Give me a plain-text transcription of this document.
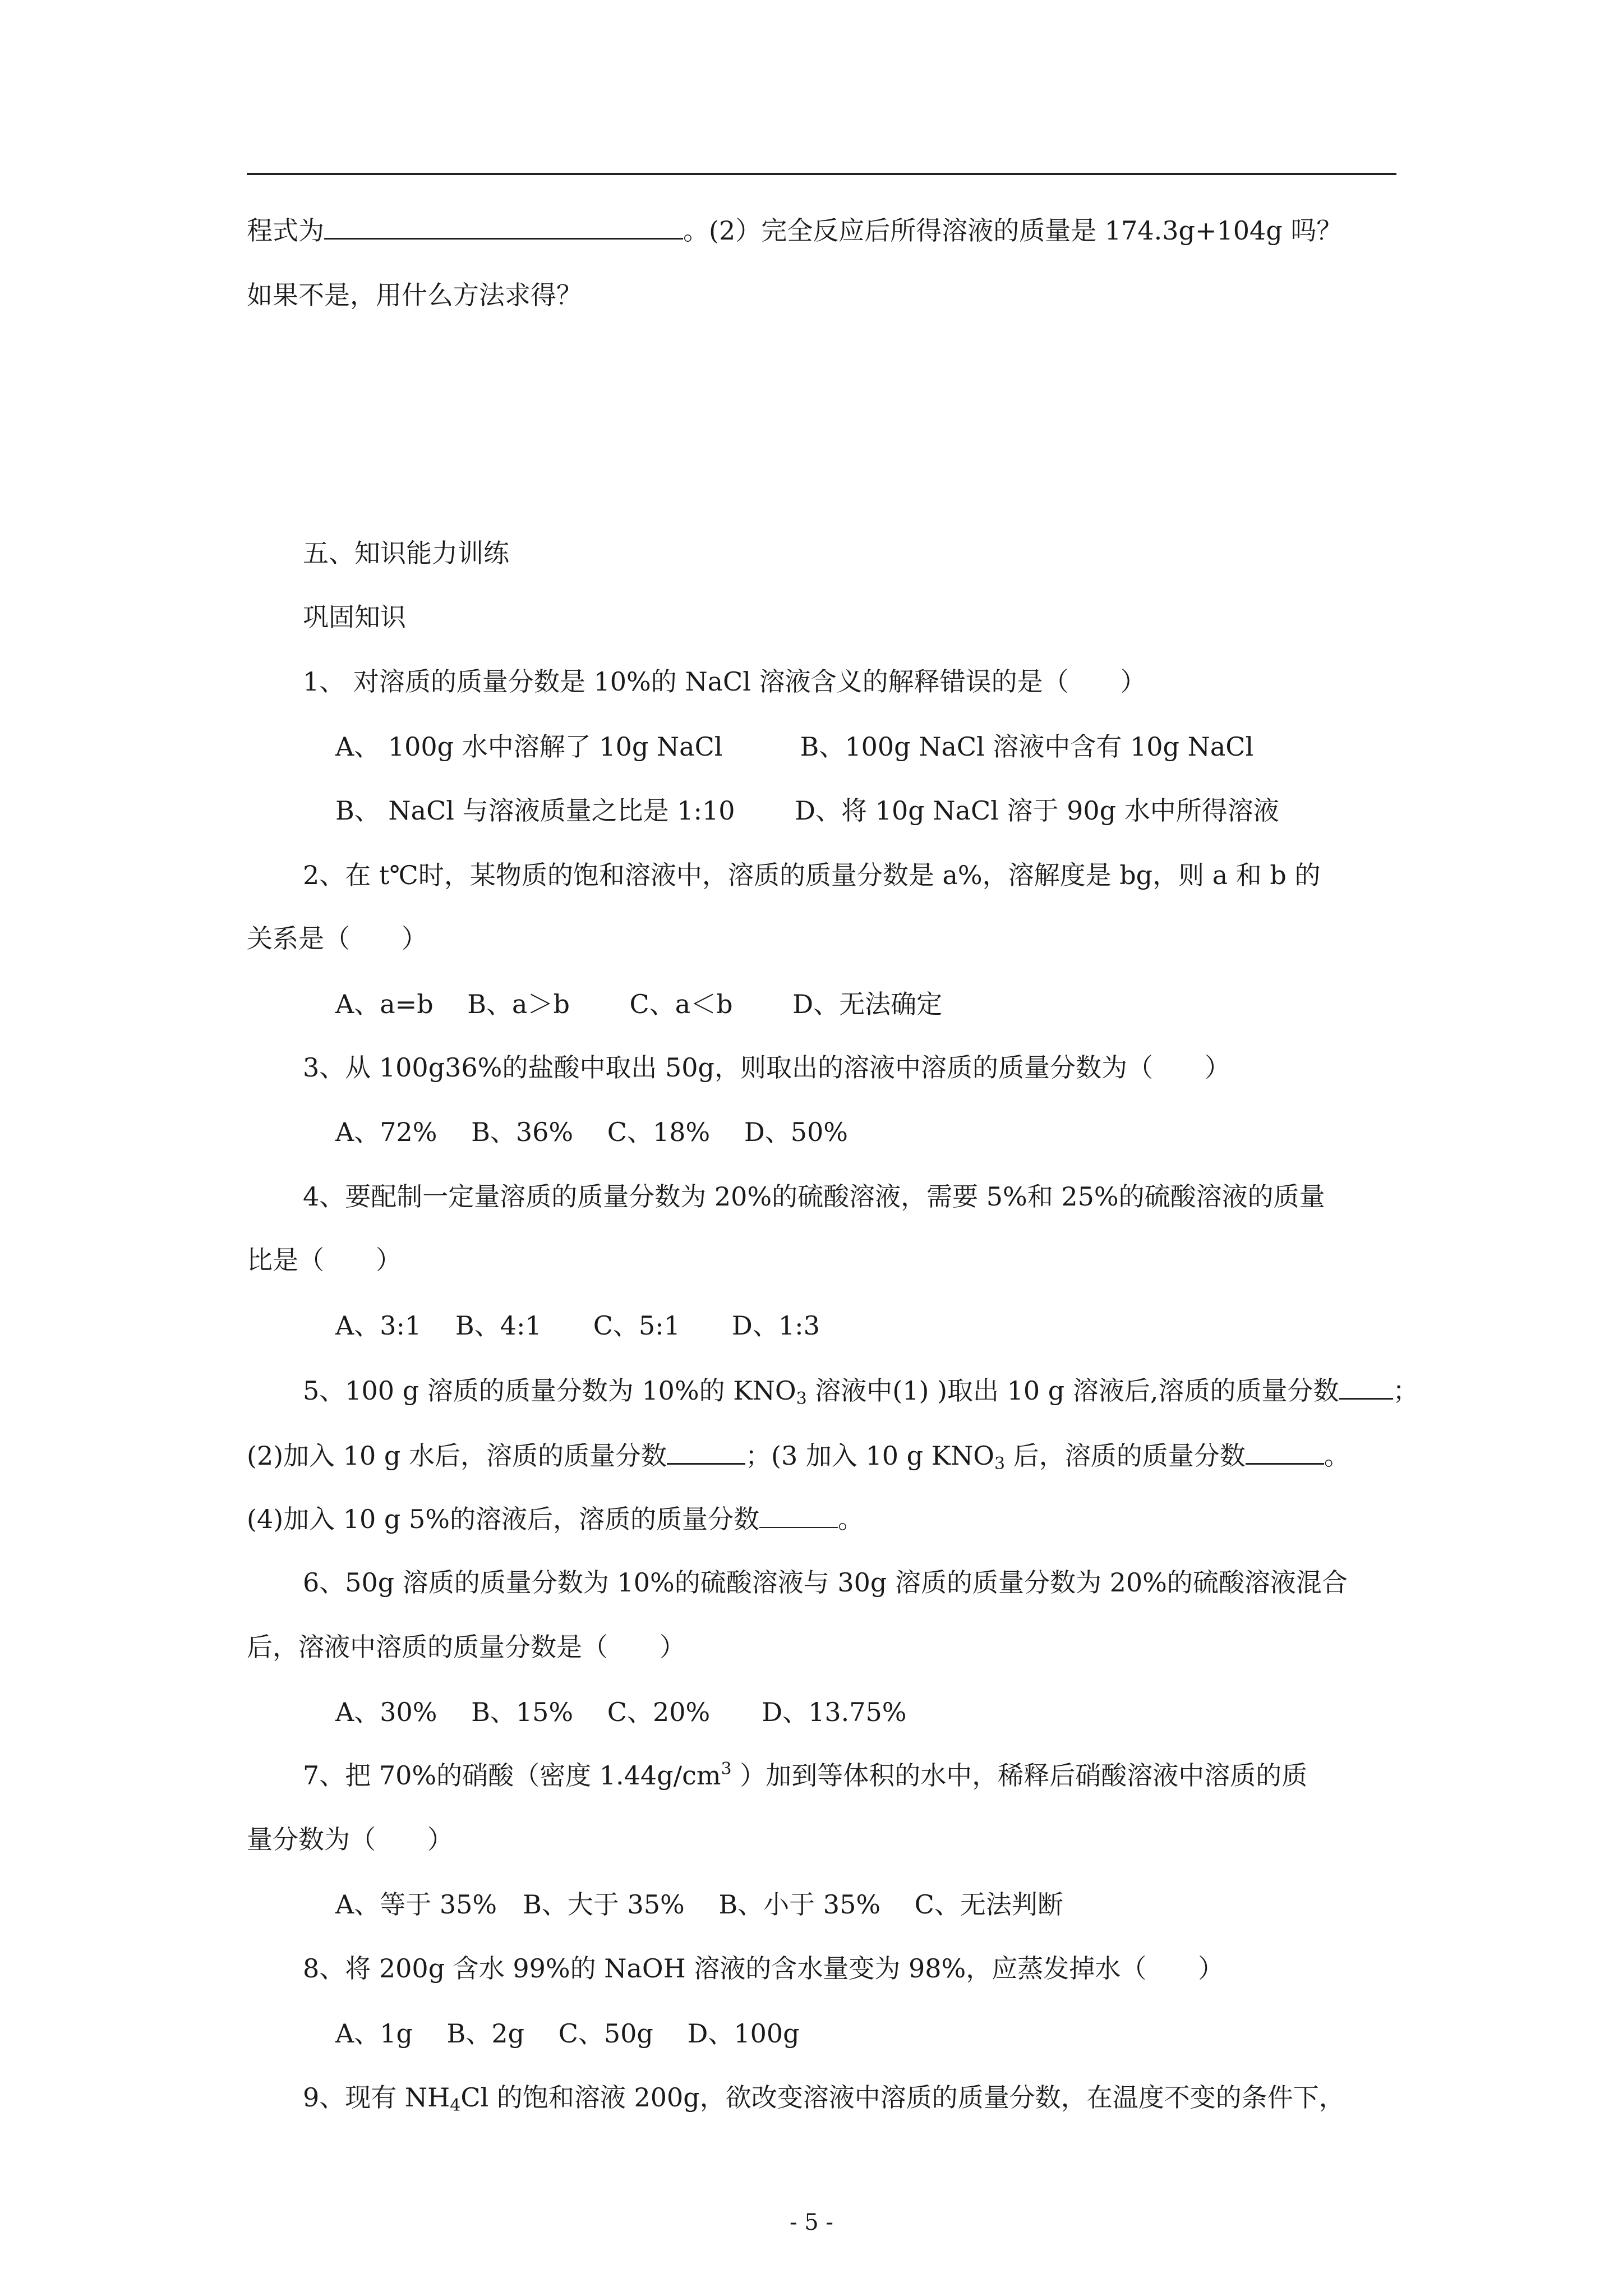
程式为	。(2）完全反应后所得溶液的质量是 174.3g+104g 吗？
如果不是，用什么方法求得？
五、知识能力训练
巩固知识
1、 对溶质的质量分数是 10%的 NaCl 溶液含义的解释错误的是（　　）
A、 100g 水中溶解了 10g NaCl　　　B、100g NaCl 溶液中含有 10g NaCl
B、 NaCl 与溶液质量之比是 1:10　　 D、将 10g NaCl 溶于 90g 水中所得溶液
2、在 t℃时，某物质的饱和溶液中，溶质的质量分数是 a%，溶解度是 bg，则 a 和 b 的
关系是（　　）
A、a=b　 B、a＞b　　 C、a＜b　　 D、无法确定
3、从 100g36%的盐酸中取出 50g，则取出的溶液中溶质的质量分数为（　　）
A、72%　 B、36%　 C、18%　 D、50%
4、要配制一定量溶质的质量分数为 20%的硫酸溶液，需要 5%和 25%的硫酸溶液的质量
比是（　　）
A、3:1　 B、4:1　　C、5:1　　D、1:3
5、100 g 溶质的质量分数为 10%的 $KNO_3$ 溶液中(1) )取出 10 g 溶液后,溶质的质量分数 ；
(2)加入 10 g 水后，溶质的质量分数	；(3 加入 10 g $KNO_3$ 后，溶质的质量分数	。
(4)加入 10 g 5%的溶液后，溶质的质量分数	。
6、50g 溶质的质量分数为 10%的硫酸溶液与 30g 溶质的质量分数为 20%的硫酸溶液混合
后，溶液中溶质的质量分数是（　　）
A、30%　 B、15%　 C、20%　　D、13.75%
7、把 70%的硝酸（密度 $1.44g/cm^3$ ）加到等体积的水中，稀释后硝酸溶液中溶质的质
量分数为（　　）
A、等于 35%　B、大于 35%　 B、小于 35%　 C、无法判断
8、将 200g 含水 99%的 NaOH 溶液的含水量变为 98%，应蒸发掉水（　　）
A、1g　 B、2g　 C、50g　 D、100g
9、现有 $NH_4Cl$ 的饱和溶液 200g，欲改变溶液中溶质的质量分数，在温度不变的条件下，
- 5 -
